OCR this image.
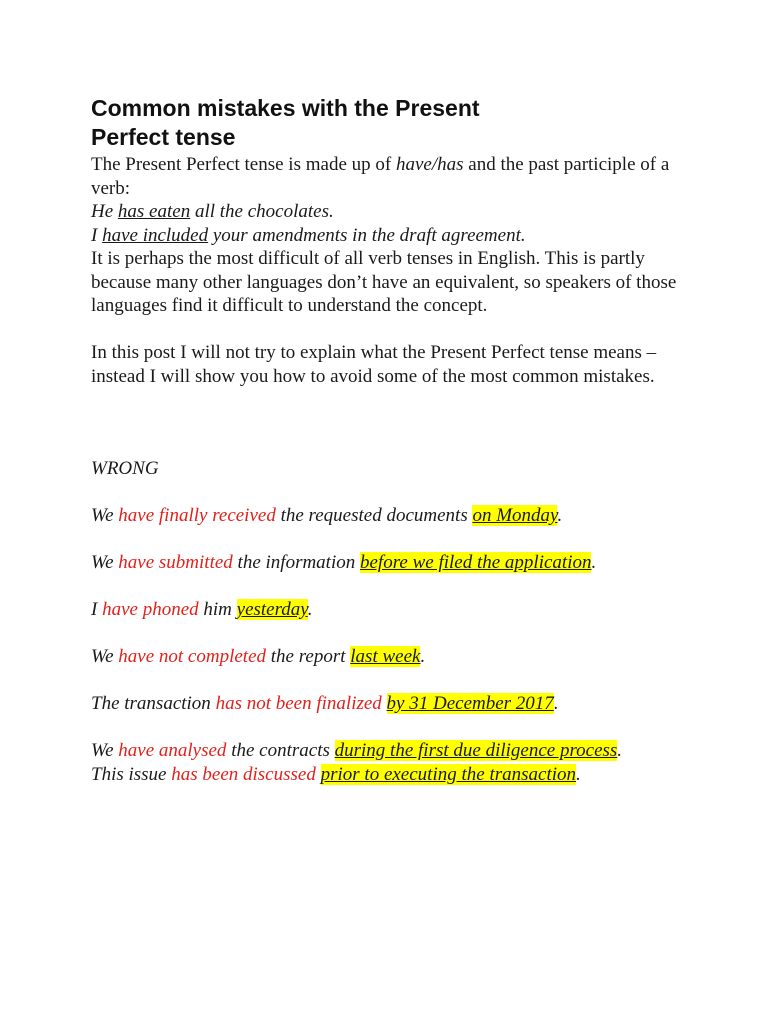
Common mistakes with the Present
Perfect tense

The Present Perfect tense is made up of have/has and the past participle of a verb:

He has eaten all the chocolates.

I have included your amendments in the draft agreement.

It is perhaps the most difficult of all verb tenses in English. This is partly because many other languages don’t have an equivalent, so speakers of those languages find it difficult to understand the concept.

In this post I will not try to explain what the Present Perfect tense means – instead I will show you how to avoid some of the most common mistakes.

WRONG

We have finally received the requested documents on Monday.

We have submitted the information before we filed the application.

I have phoned him yesterday.

We have not completed the report last week.

The transaction has not been finalized by 31 December 2017.

We have analysed the contracts during the first due diligence process.

This issue has been discussed prior to executing the transaction.
